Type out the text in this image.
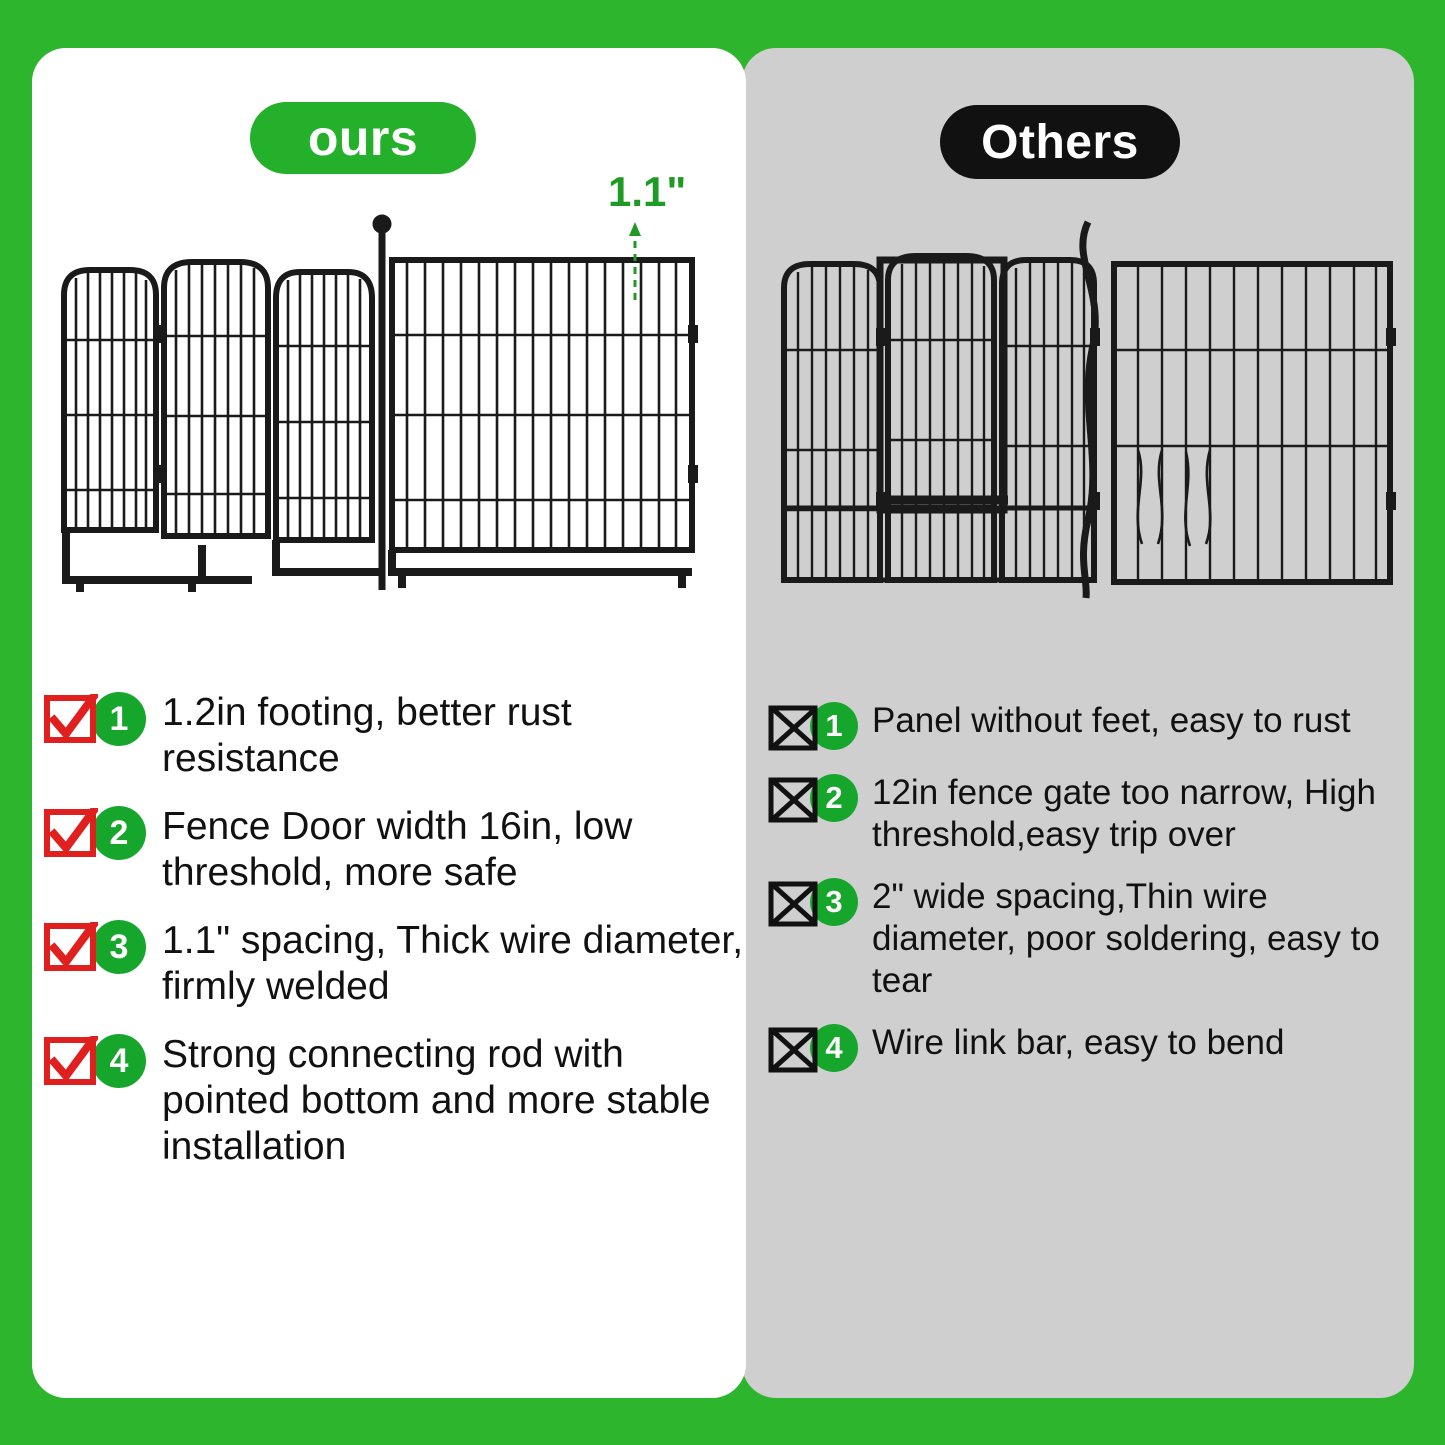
ours	Others
1.1"
1 1.2in footing, better rust resistance
2 Fence Door width 16in, low threshold, more safe
3 1.1" spacing, Thick wire diameter, firmly welded
4 Strong connecting rod with pointed bottom and more stable installation
1 Panel without feet, easy to rust
2 12in fence gate too narrow, High threshold,easy trip over
3 2" wide spacing,Thin wire diameter, poor soldering, easy to tear
4 Wire link bar, easy to bend
